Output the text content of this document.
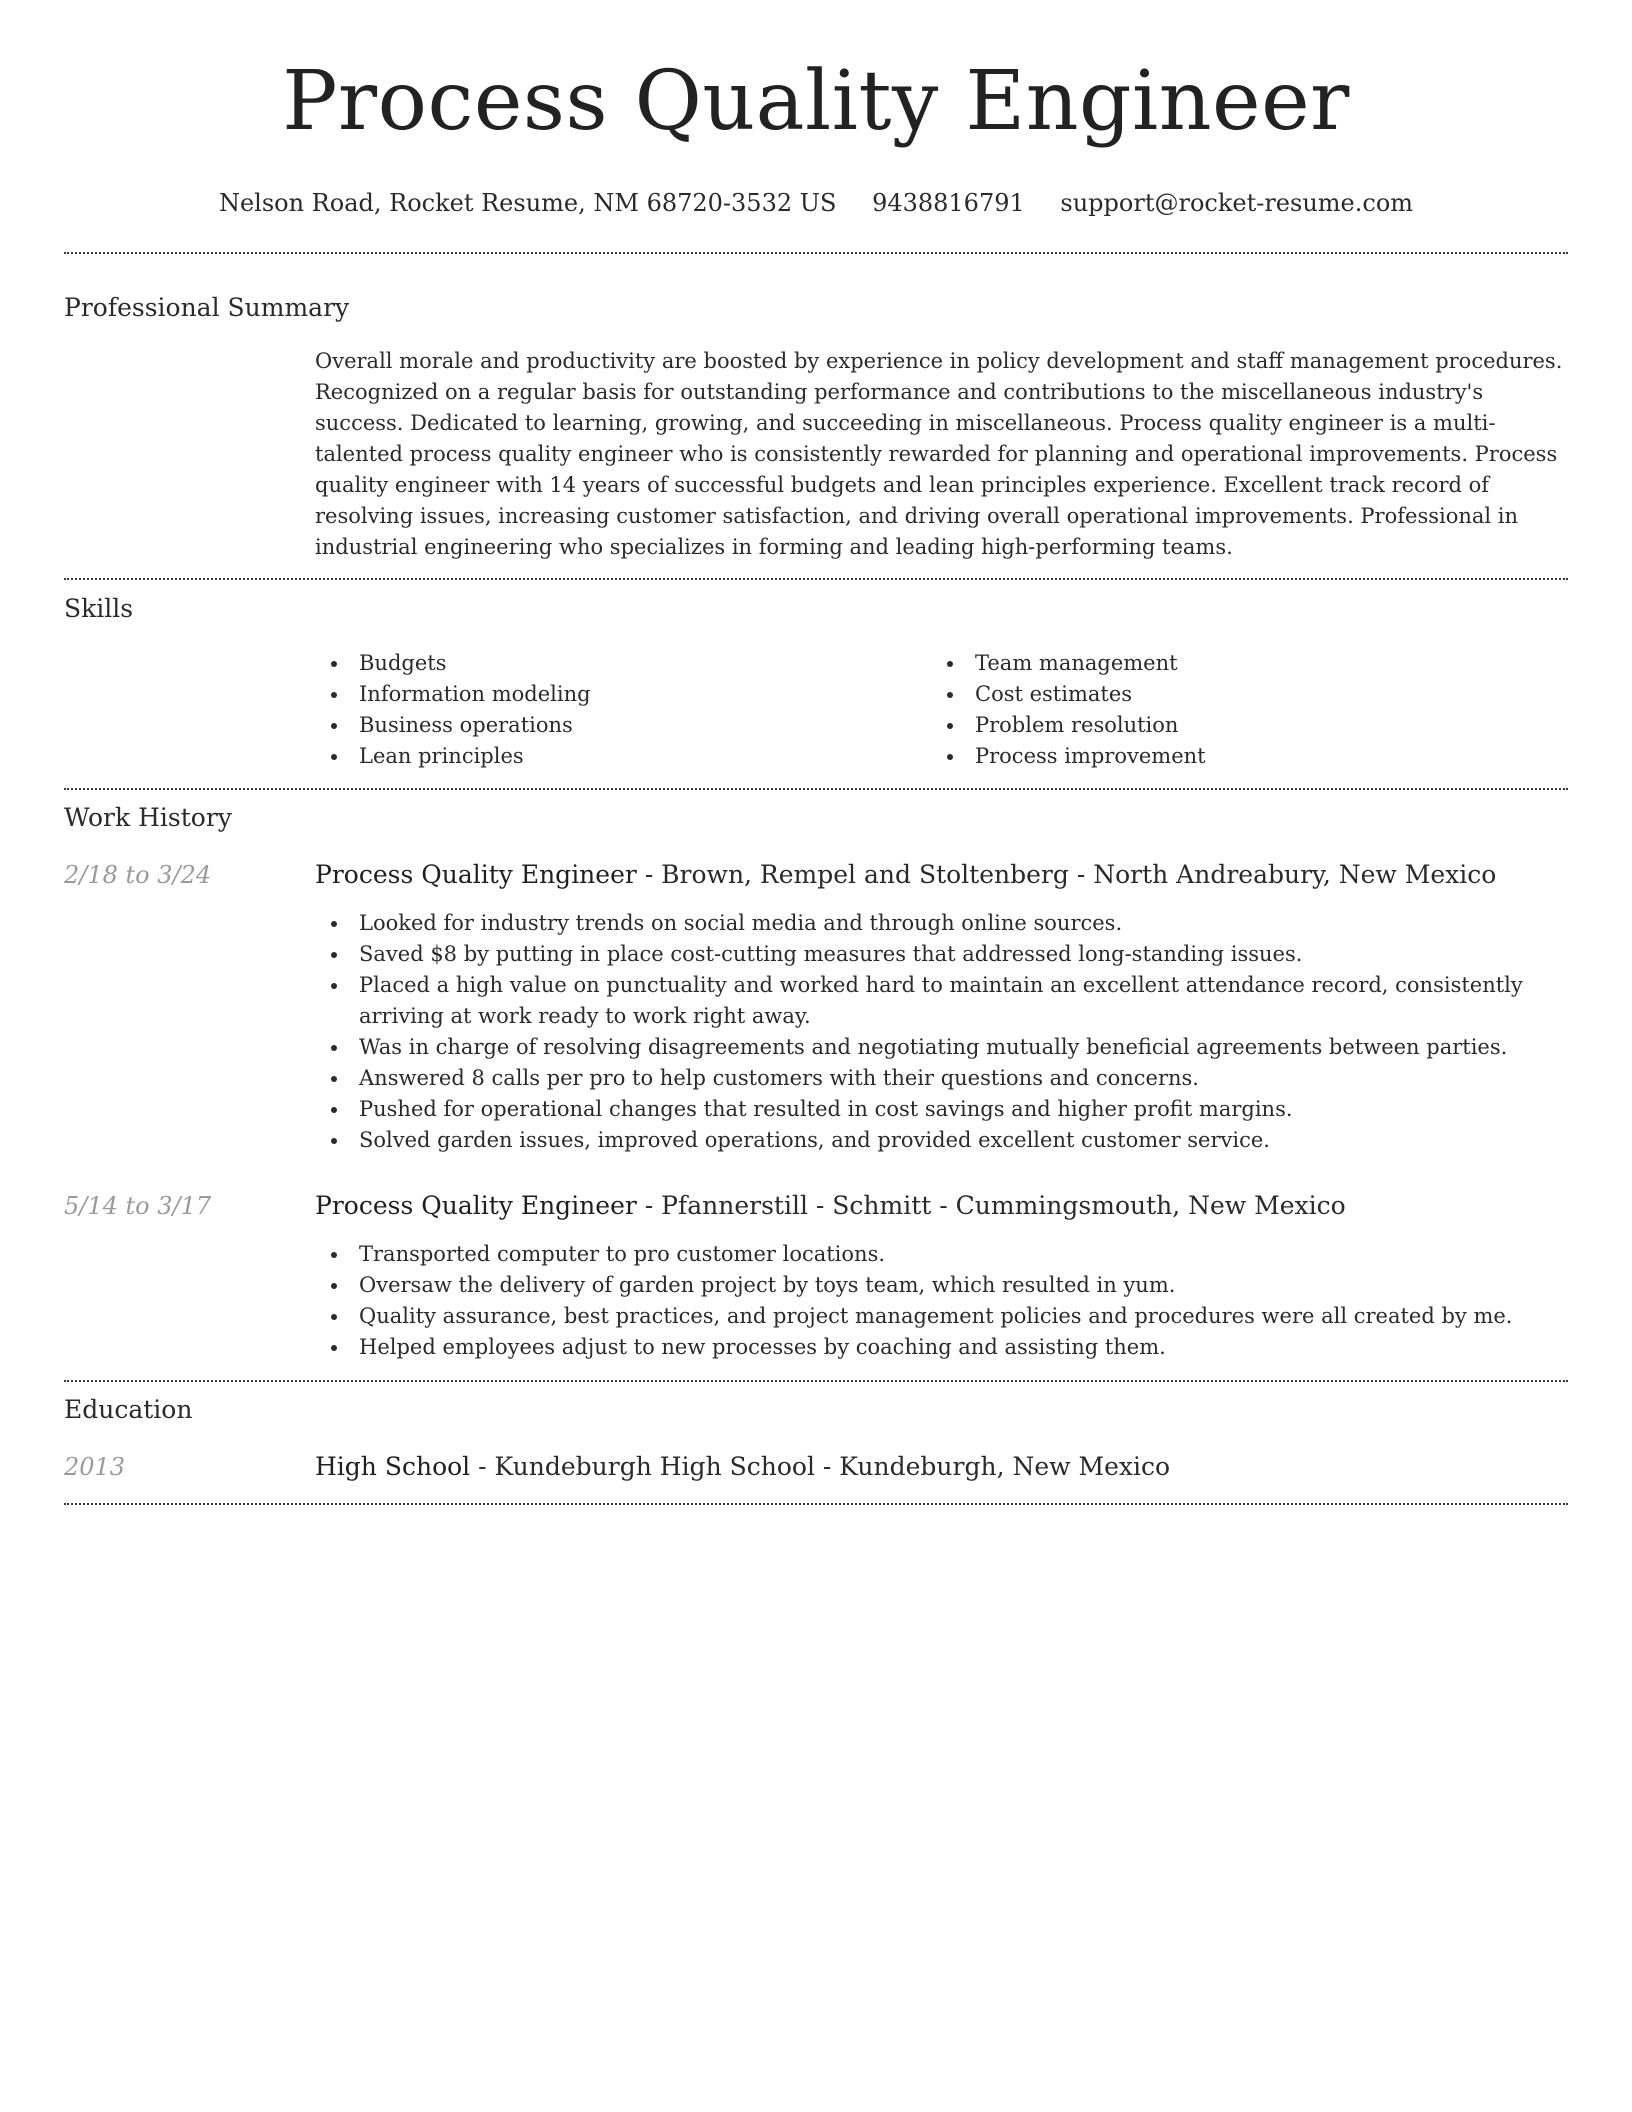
Process Quality Engineer
Nelson Road, Rocket Resume, NM 68720-3532 US 9438816791 support@rocket-resume.com
Professional Summary

Overall morale and productivity are boosted by experience in policy development and staff management procedures. Recognized on a regular basis for outstanding performance and contributions to the miscellaneous industry's success. Dedicated to learning, growing, and succeeding in miscellaneous. Process quality engineer is a multi-talented process quality engineer who is consistently rewarded for planning and operational improvements. Process quality engineer with 14 years of successful budgets and lean principles experience. Excellent track record of resolving issues, increasing customer satisfaction, and driving overall operational improvements. Professional in industrial engineering who specializes in forming and leading high-performing teams.

Skills
Budgets
Information modeling
Business operations
Lean principles
Team management
Cost estimates
Problem resolution
Process improvement
Work History
2/18 to 3/24	Process Quality Engineer - Brown, Rempel and Stoltenberg - North Andreabury, New Mexico
Looked for industry trends on social media and through online sources.
Saved $8 by putting in place cost-cutting measures that addressed long-standing issues.
Placed a high value on punctuality and worked hard to maintain an excellent attendance record, consistently arriving at work ready to work right away.
Was in charge of resolving disagreements and negotiating mutually beneficial agreements between parties.
Answered 8 calls per pro to help customers with their questions and concerns.
Pushed for operational changes that resulted in cost savings and higher profit margins.
Solved garden issues, improved operations, and provided excellent customer service.
5/14 to 3/17	Process Quality Engineer - Pfannerstill - Schmitt - Cummingsmouth, New Mexico
Transported computer to pro customer locations.
Oversaw the delivery of garden project by toys team, which resulted in yum.
Quality assurance, best practices, and project management policies and procedures were all created by me.
Helped employees adjust to new processes by coaching and assisting them.
Education
2013	High School - Kundeburgh High School - Kundeburgh, New Mexico
